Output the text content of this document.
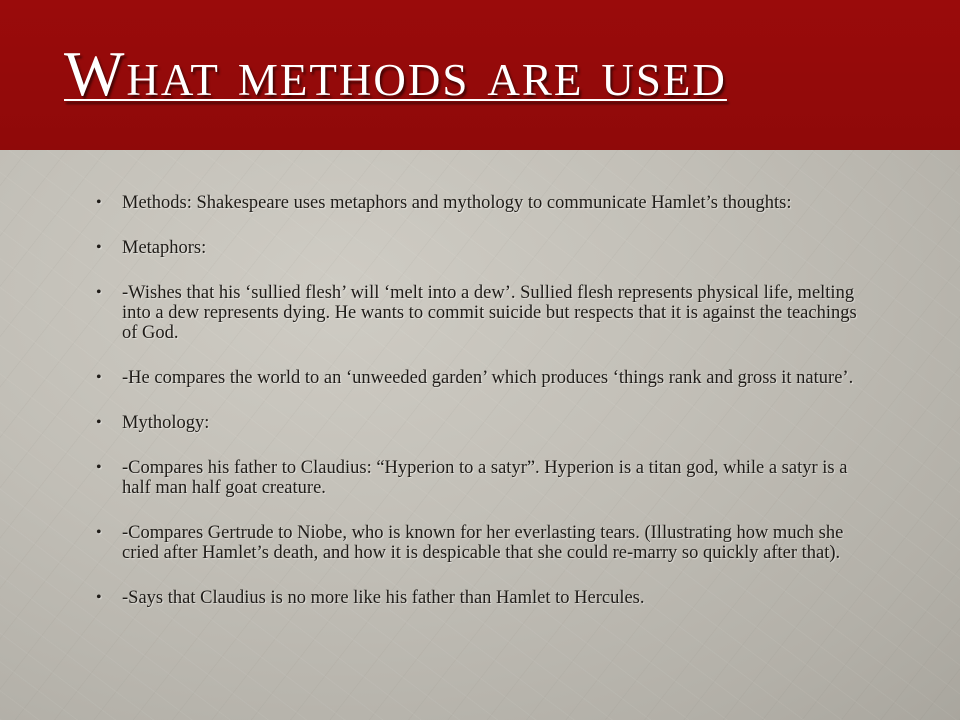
What methods are used
• Methods: Shakespeare uses metaphors and mythology to communicate Hamlet’s thoughts:
• Metaphors:
• -Wishes that his ‘sullied flesh’ will ‘melt into a dew’. Sullied flesh represents physical life, melting into a dew represents dying. He wants to commit suicide but respects that it is against the teachings of God.
• -He compares the world to an ‘unweeded garden’ which produces ‘things rank and gross it nature’.
• Mythology:
• -Compares his father to Claudius: “Hyperion to a satyr”. Hyperion is a titan god, while a satyr is a half man half goat creature.
• -Compares Gertrude to Niobe, who is known for her everlasting tears. (Illustrating how much she cried after Hamlet’s death, and how it is despicable that she could re-marry so quickly after that).
• -Says that Claudius is no more like his father than Hamlet to Hercules.
